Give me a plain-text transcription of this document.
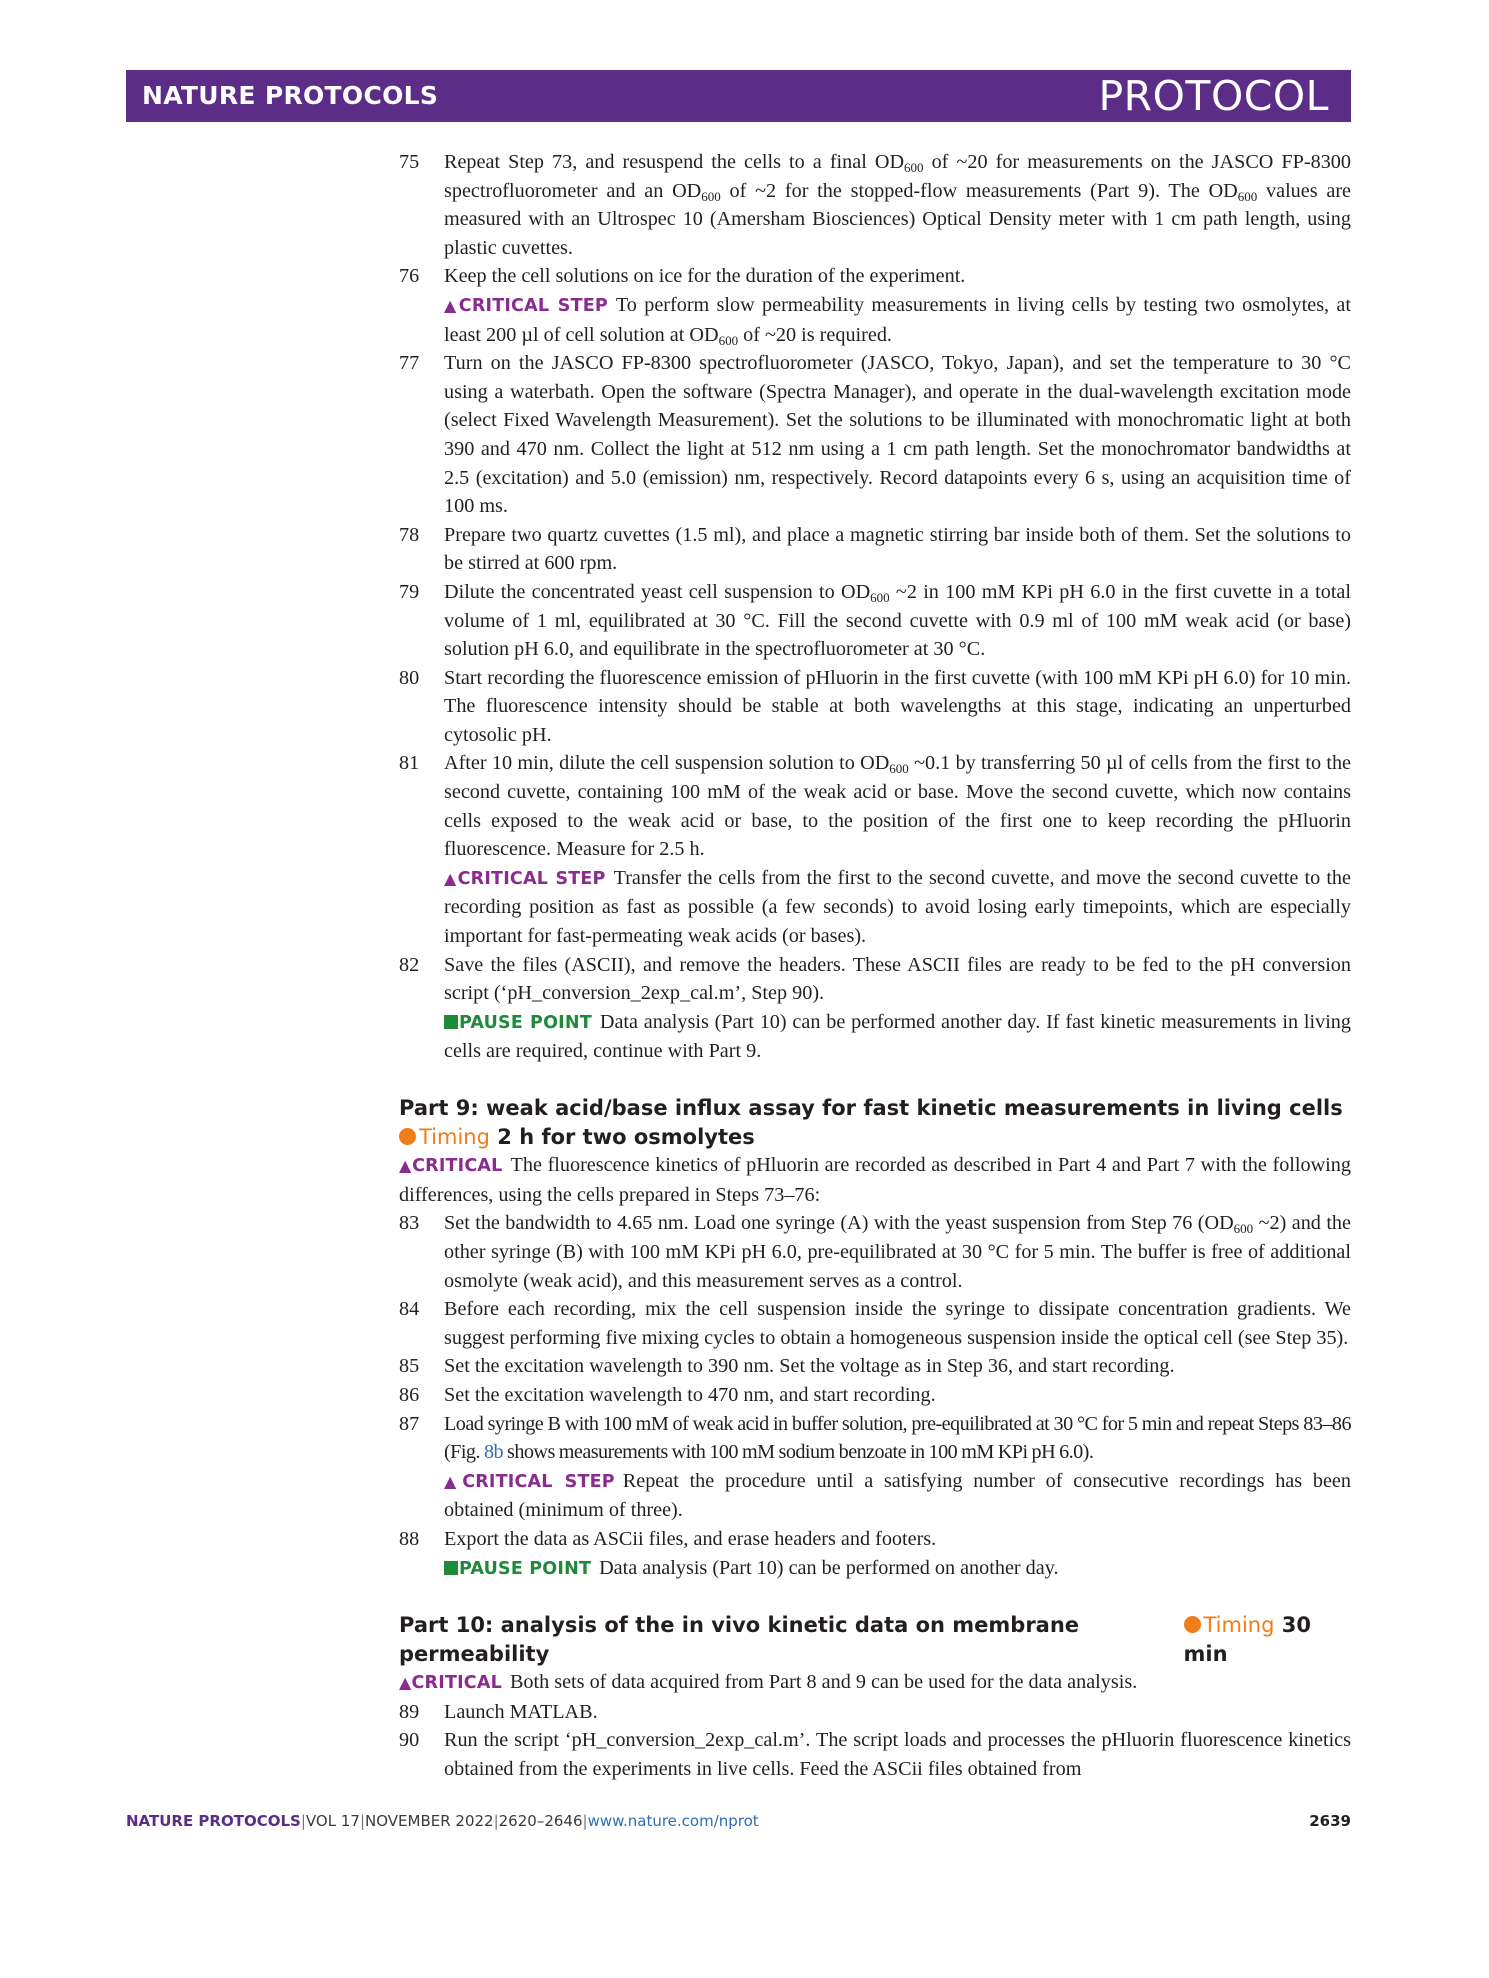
NATURE PROTOCOLS	PROTOCOL
75 Repeat Step 73, and resuspend the cells to a final $OD_{600}$ of ~20 for measurements on the JASCO FP-8300 spectrofluorometer and an $OD_{600}$ of ~2 for the stopped-flow measurements (Part 9). The $OD_{600}$ values are measured with an Ultrospec 10 (Amersham Biosciences) Optical Density meter with 1 cm path length, using plastic cuvettes.
76 Keep the cell solutions on ice for the duration of the experiment.
▲CRITICAL STEP To perform slow permeability measurements in living cells by testing two osmolytes, at least 200 µl of cell solution at $OD_{600}$ of ~20 is required.
77 Turn on the JASCO FP-8300 spectrofluorometer (JASCO, Tokyo, Japan), and set the temperature to 30 °C using a waterbath. Open the software (Spectra Manager), and operate in the dual-wavelength excitation mode (select Fixed Wavelength Measurement). Set the solutions to be illuminated with monochromatic light at both 390 and 470 nm. Collect the light at 512 nm using a 1 cm path length. Set the monochromator bandwidths at 2.5 (excitation) and 5.0 (emission) nm, respectively. Record datapoints every 6 s, using an acquisition time of 100 ms.
78 Prepare two quartz cuvettes (1.5 ml), and place a magnetic stirring bar inside both of them. Set the solutions to be stirred at 600 rpm.
79 Dilute the concentrated yeast cell suspension to $OD_{600}$ ~2 in 100 mM KPi pH 6.0 in the first cuvette in a total volume of 1 ml, equilibrated at 30 °C. Fill the second cuvette with 0.9 ml of 100 mM weak acid (or base) solution pH 6.0, and equilibrate in the spectrofluorometer at 30 °C.
80 Start recording the fluorescence emission of pHluorin in the first cuvette (with 100 mM KPi pH 6.0) for 10 min. The fluorescence intensity should be stable at both wavelengths at this stage, indicating an unperturbed cytosolic pH.
81 After 10 min, dilute the cell suspension solution to $OD_{600}$ ~0.1 by transferring 50 µl of cells from the first to the second cuvette, containing 100 mM of the weak acid or base. Move the second cuvette, which now contains cells exposed to the weak acid or base, to the position of the first one to keep recording the pHluorin fluorescence. Measure for 2.5 h.
▲CRITICAL STEP Transfer the cells from the first to the second cuvette, and move the second cuvette to the recording position as fast as possible (a few seconds) to avoid losing early timepoints, which are especially important for fast-permeating weak acids (or bases).
82 Save the files (ASCII), and remove the headers. These ASCII files are ready to be fed to the pH conversion script (‘pH_conversion_2exp_cal.m’, Step 90).
PAUSE POINT Data analysis (Part 10) can be performed another day. If fast kinetic measurements in living cells are required, continue with Part 9.
Part 9: weak acid/base influx assay for fast kinetic measurements in living cells
Timing 2 h for two osmolytes
▲CRITICAL The fluorescence kinetics of pHluorin are recorded as described in Part 4 and Part 7 with the following differences, using the cells prepared in Steps 73–76:
83 Set the bandwidth to 4.65 nm. Load one syringe (A) with the yeast suspension from Step 76 ($OD_{600}$ ~2) and the other syringe (B) with 100 mM KPi pH 6.0, pre-equilibrated at 30 °C for 5 min. The buffer is free of additional osmolyte (weak acid), and this measurement serves as a control.
84 Before each recording, mix the cell suspension inside the syringe to dissipate concentration gradients. We suggest performing five mixing cycles to obtain a homogeneous suspension inside the optical cell (see Step 35).
85 Set the excitation wavelength to 390 nm. Set the voltage as in Step 36, and start recording.
86 Set the excitation wavelength to 470 nm, and start recording.
87 Load syringe B with 100 mM of weak acid in buffer solution, pre-equilibrated at 30 °C for 5 min and repeat Steps 83–86 (Fig. 8b shows measurements with 100 mM sodium benzoate in 100 mM KPi pH 6.0).
▲CRITICAL STEP Repeat the procedure until a satisfying number of consecutive recordings has been obtained (minimum of three).
88 Export the data as ASCii files, and erase headers and footers.
PAUSE POINT Data analysis (Part 10) can be performed on another day.
Part 10: analysis of the in vivo kinetic data on membrane permeability
Timing 30 min
▲CRITICAL Both sets of data acquired from Part 8 and 9 can be used for the data analysis.
89 Launch MATLAB.
90 Run the script ‘pH_conversion_2exp_cal.m’. The script loads and processes the pHluorin fluorescence kinetics obtained from the experiments in live cells. Feed the ASCii files obtained from
NATURE PROTOCOLS|VOL 17|NOVEMBER 2022|2620–2646|www.nature.com/nprot	2639
